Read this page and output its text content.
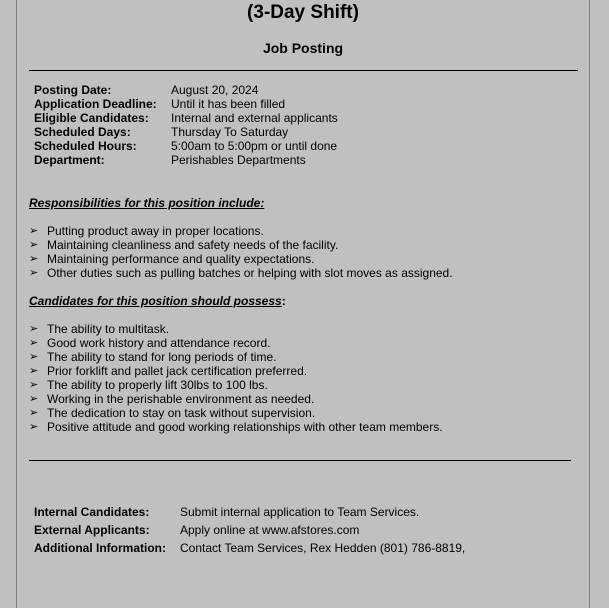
(3-Day Shift)
Job Posting
Posting Date:	August 20, 2024
Application Deadline:	Until it has been filled
Eligible Candidates:	Internal and external applicants
Scheduled Days:	Thursday To Saturday
Scheduled Hours:	5:00am to 5:00pm or until done
Department:	Perishables Departments
Responsibilities for this position include:
➢ Putting product away in proper locations.
➢ Maintaining cleanliness and safety needs of the facility.
➢ Maintaining performance and quality expectations.
➢ Other duties such as pulling batches or helping with slot moves as assigned.
Candidates for this position should possess:
➢ The ability to multitask.
➢ Good work history and attendance record.
➢ The ability to stand for long periods of time.
➢ Prior forklift and pallet jack certification preferred.
➢ The ability to properly lift 30lbs to 100 lbs.
➢ Working in the perishable environment as needed.
➢ The dedication to stay on task without supervision.
➢ Positive attitude and good working relationships with other team members.
Internal Candidates:	Submit internal application to Team Services.
External Applicants:	Apply online at www.afstores.com
Additional Information:	Contact Team Services, Rex Hedden (801) 786-8819,
